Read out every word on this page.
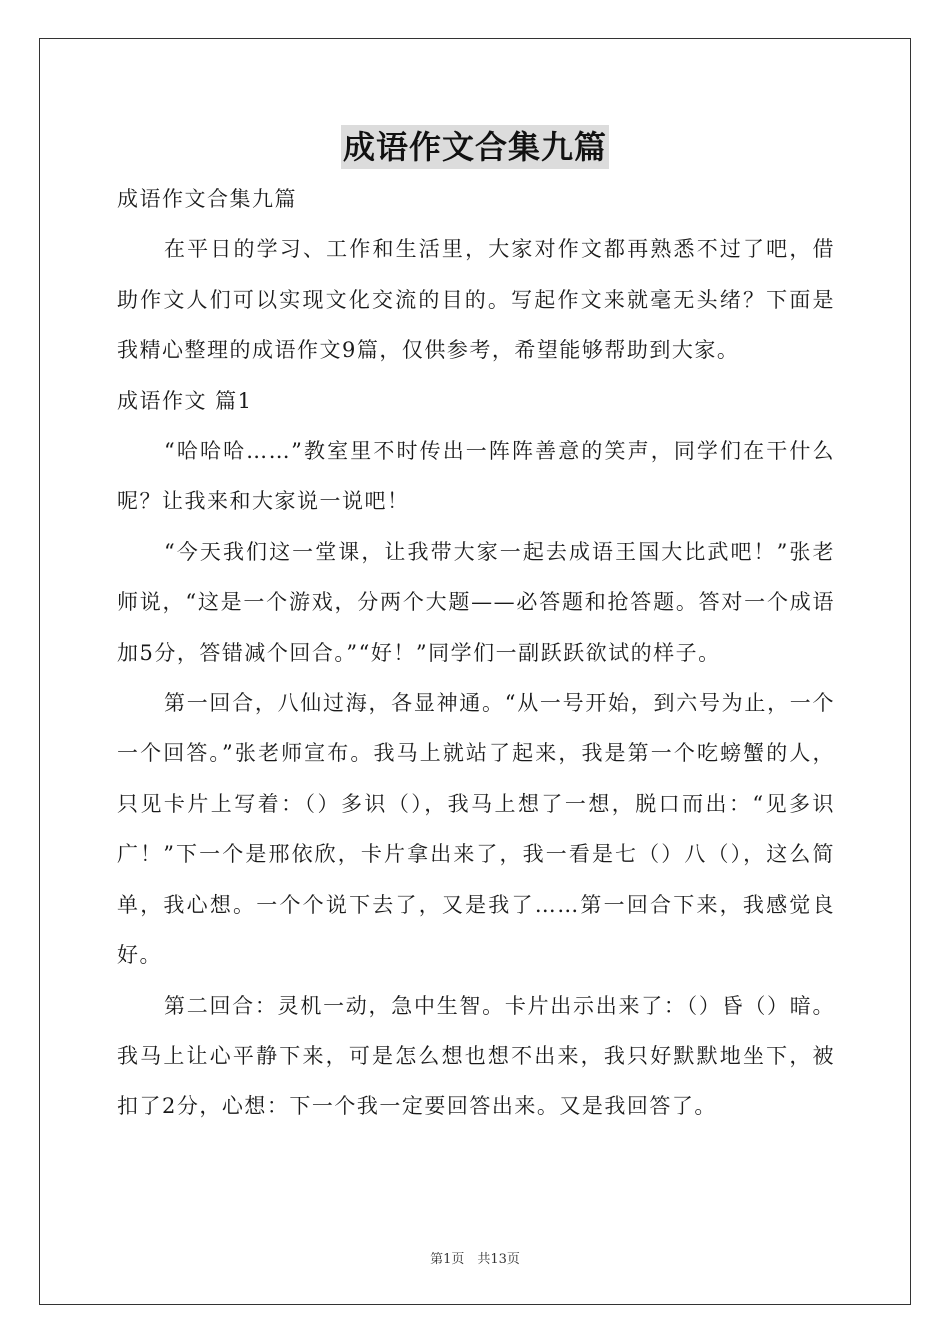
成语作文合集九篇

成语作文合集九篇

在平日的学习、工作和生活里，大家对作文都再熟悉不过了吧，借助作文人们可以实现文化交流的目的。写起作文来就毫无头绪？下面是我精心整理的成语作文9篇，仅供参考，希望能够帮助到大家。

成语作文 篇1

“哈哈哈……”教室里不时传出一阵阵善意的笑声，同学们在干什么呢？让我来和大家说一说吧！

“今天我们这一堂课，让我带大家一起去成语王国大比武吧！”张老师说，“这是一个游戏，分两个大题——必答题和抢答题。答对一个成语加5分，答错减个回合。”“好！”同学们一副跃跃欲试的样子。

第一回合，八仙过海，各显神通。“从一号开始，到六号为止，一个一个回答。”张老师宣布。我马上就站了起来，我是第一个吃螃蟹的人，只见卡片上写着：（）多识（），我马上想了一想，脱口而出：“见多识广！”下一个是邢依欣，卡片拿出来了，我一看是七（）八（），这么简单，我心想。一个个说下去了，又是我了……第一回合下来，我感觉良好。

第二回合：灵机一动，急中生智。卡片出示出来了：（）昏（）暗。我马上让心平静下来，可是怎么想也想不出来，我只好默默地坐下，被扣了2分，心想：下一个我一定要回答出来。又是我回答了。

第1页　共13页
